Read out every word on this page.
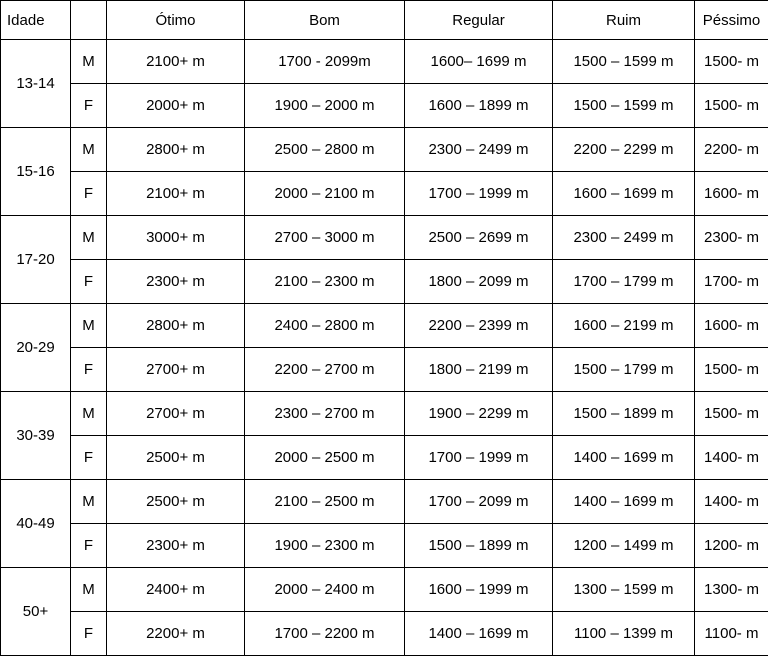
Idade		Ótimo	Bom	Regular	Ruim	Péssimo
13-14	M	2100+ m	1700 - 2099m	1600– 1699 m	1500 – 1599 m	1500- m
	F	2000+ m	1900 – 2000 m	1600 – 1899 m	1500 – 1599 m	1500- m
15-16	M	2800+ m	2500 – 2800 m	2300 – 2499 m	2200 – 2299 m	2200- m
	F	2100+ m	2000 – 2100 m	1700 – 1999 m	1600 – 1699 m	1600- m
17-20	M	3000+ m	2700 – 3000 m	2500 – 2699 m	2300 – 2499 m	2300- m
	F	2300+ m	2100 – 2300 m	1800 – 2099 m	1700 – 1799 m	1700- m
20-29	M	2800+ m	2400 – 2800 m	2200 – 2399 m	1600 – 2199 m	1600- m
	F	2700+ m	2200 – 2700 m	1800 – 2199 m	1500 – 1799 m	1500- m
30-39	M	2700+ m	2300 – 2700 m	1900 – 2299 m	1500 – 1899 m	1500- m
	F	2500+ m	2000 – 2500 m	1700 – 1999 m	1400 – 1699 m	1400- m
40-49	M	2500+ m	2100 – 2500 m	1700 – 2099 m	1400 – 1699 m	1400- m
	F	2300+ m	1900 – 2300 m	1500 – 1899 m	1200 – 1499 m	1200- m
50+	M	2400+ m	2000 – 2400 m	1600 – 1999 m	1300 – 1599 m	1300- m
	F	2200+ m	1700 – 2200 m	1400 – 1699 m	1100 – 1399 m	1100- m
